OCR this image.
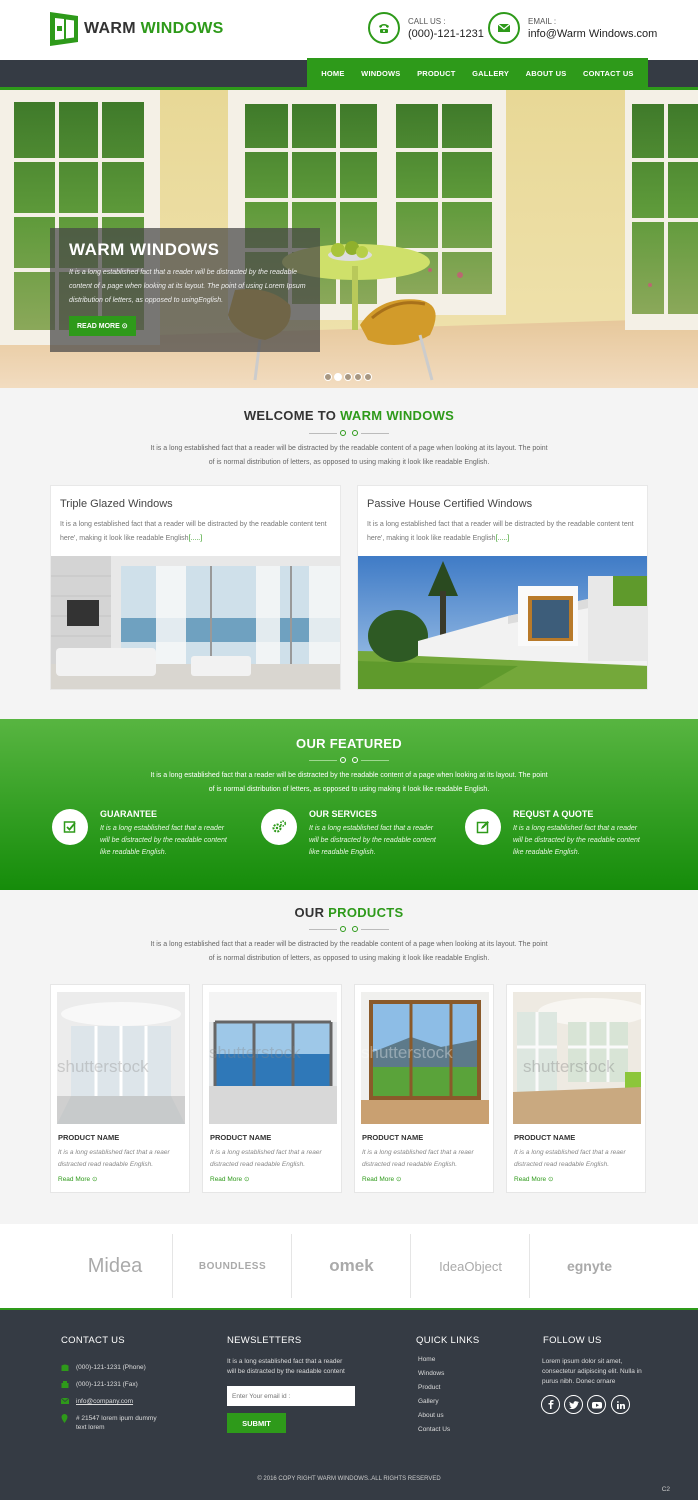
WARM WINDOWS	CALL US :
(000)-121-1231
EMAIL :
info@Warm Windows.com
HOME WINDOWS PRODUCT GALLERY ABOUT US CONTACT US
WARM WINDOWS
It is a long established fact that a reader will be distracted by the readable content of a page when looking at its layout. The point of using Lorem Ipsum distribution of letters, as opposed to usingEnglish.
READ MORE ⊙
WELCOME TO WARM WINDOWS
It is a long established fact that a reader will be distracted by the readable content of a page when looking at its layout. The point
of is normal distribution of letters, as opposed to using making it look like readable English.
Triple Glazed Windows

It is a long established fact that a reader will be distracted by the readable content tent here', making it look like readable English[.....]

Passive House Certified Windows

It is a long established fact that a reader will be distracted by the readable content tent here', making it look like readable English[.....]

OUR FEATURED
It is a long established fact that a reader will be distracted by the readable content of a page when looking at its layout. The point
of is normal distribution of letters, as opposed to using making it look like readable English.
GUARANTEE

It is a long established fact that a reader will be distracted by the readable content like readable English.

OUR SERVICES

It is a long established fact that a reader will be distracted by the readable content like readable English.

REQUST A QUOTE

It is a long established fact that a reader will be distracted by the readable content like readable English.

OUR PRODUCTS
It is a long established fact that a reader will be distracted by the readable content of a page when looking at its layout. The point
of is normal distribution of letters, as opposed to using making it look like readable English.
shutterstock
PRODUCT NAME

It is a long established fact that a reaer distracted read readable English.

Read More ⊙
shutterstock
PRODUCT NAME

It is a long established fact that a reaer distracted read readable English.

Read More ⊙
shutterstock
PRODUCT NAME

It is a long established fact that a reaer distracted read readable English.

Read More ⊙
shutterstock
PRODUCT NAME

It is a long established fact that a reaer distracted read readable English.

Read More ⊙
Midea	BOUNDLESS	omek	IdeaObject	egnyte
CONTACT US
(000)-121-1231 (Phone)
(000)-121-1231 (Fax)
info@company.com
# 21547 lorem ipum dummy
text lorem
NEWSLETTERS
It is a long established fact that a reader
will be distracted by the readable content
Enter Your email id :
SUBMIT
QUICK LINKS
Home
Windows
Product
Gallery
About us
Contact Us
FOLLOW US
Lorem ipsum dolor sit amet, consectetur adipiscing elit. Nulla in purus nibh. Donec ornare
© 2016 COPY RIGHT WARM WINDOWS..ALL RIGHTS RESERVED
C2
